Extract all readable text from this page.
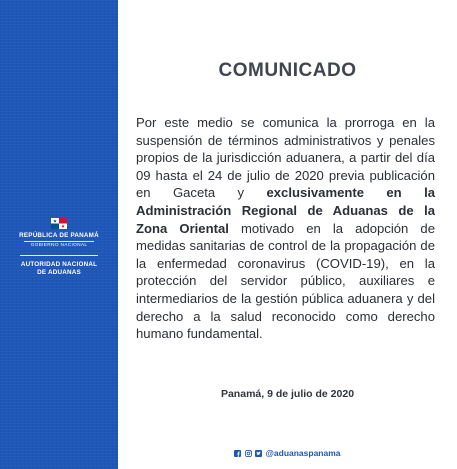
REPÚBLICA DE PANAMÁ
GOBIERNO NACIONAL
AUTORIDAD NACIONAL
DE ADUANAS
COMUNICADO
Por este medio se comunica la prorroga en la suspensión de términos administrativos y penales propios de la jurisdicción aduanera, a partir del día 09 hasta el 24 de julio de 2020 previa publicación en Gaceta y exclusivamente en la Administración Regional de Aduanas de la Zona Oriental motivado en la adopción de medidas sanitarias de control de la propagación de la enfermedad coronavirus (COVID-19), en la protección del servidor público, auxiliares e intermediarios de la gestión pública aduanera y del derecho a la salud reconocido como derecho humano fundamental.
Panamá, 9 de julio de 2020
@aduanaspanama
